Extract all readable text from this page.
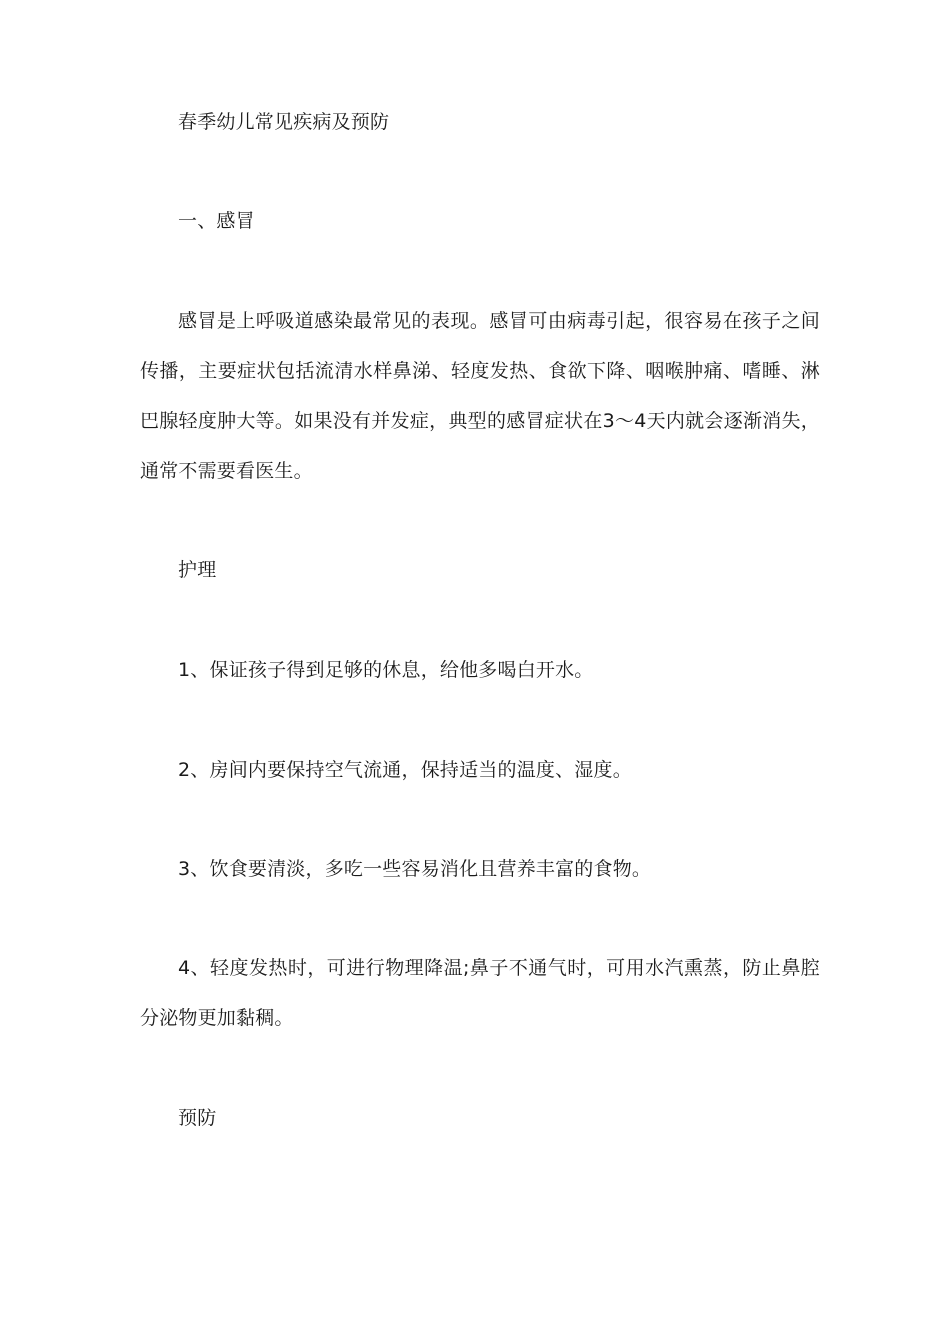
春季幼儿常见疾病及预防
一、感冒
感冒是上呼吸道感染最常见的表现。感冒可由病毒引起，很容易在孩子之间传播，主要症状包括流清水样鼻涕、轻度发热、食欲下降、咽喉肿痛、嗜睡、淋巴腺轻度肿大等。如果没有并发症，典型的感冒症状在3～4天内就会逐渐消失，通常不需要看医生。
护理
1、保证孩子得到足够的休息，给他多喝白开水。
2、房间内要保持空气流通，保持适当的温度、湿度。
3、饮食要清淡，多吃一些容易消化且营养丰富的食物。
4、轻度发热时，可进行物理降温;鼻子不通气时，可用水汽熏蒸，防止鼻腔分泌物更加黏稠。
预防
